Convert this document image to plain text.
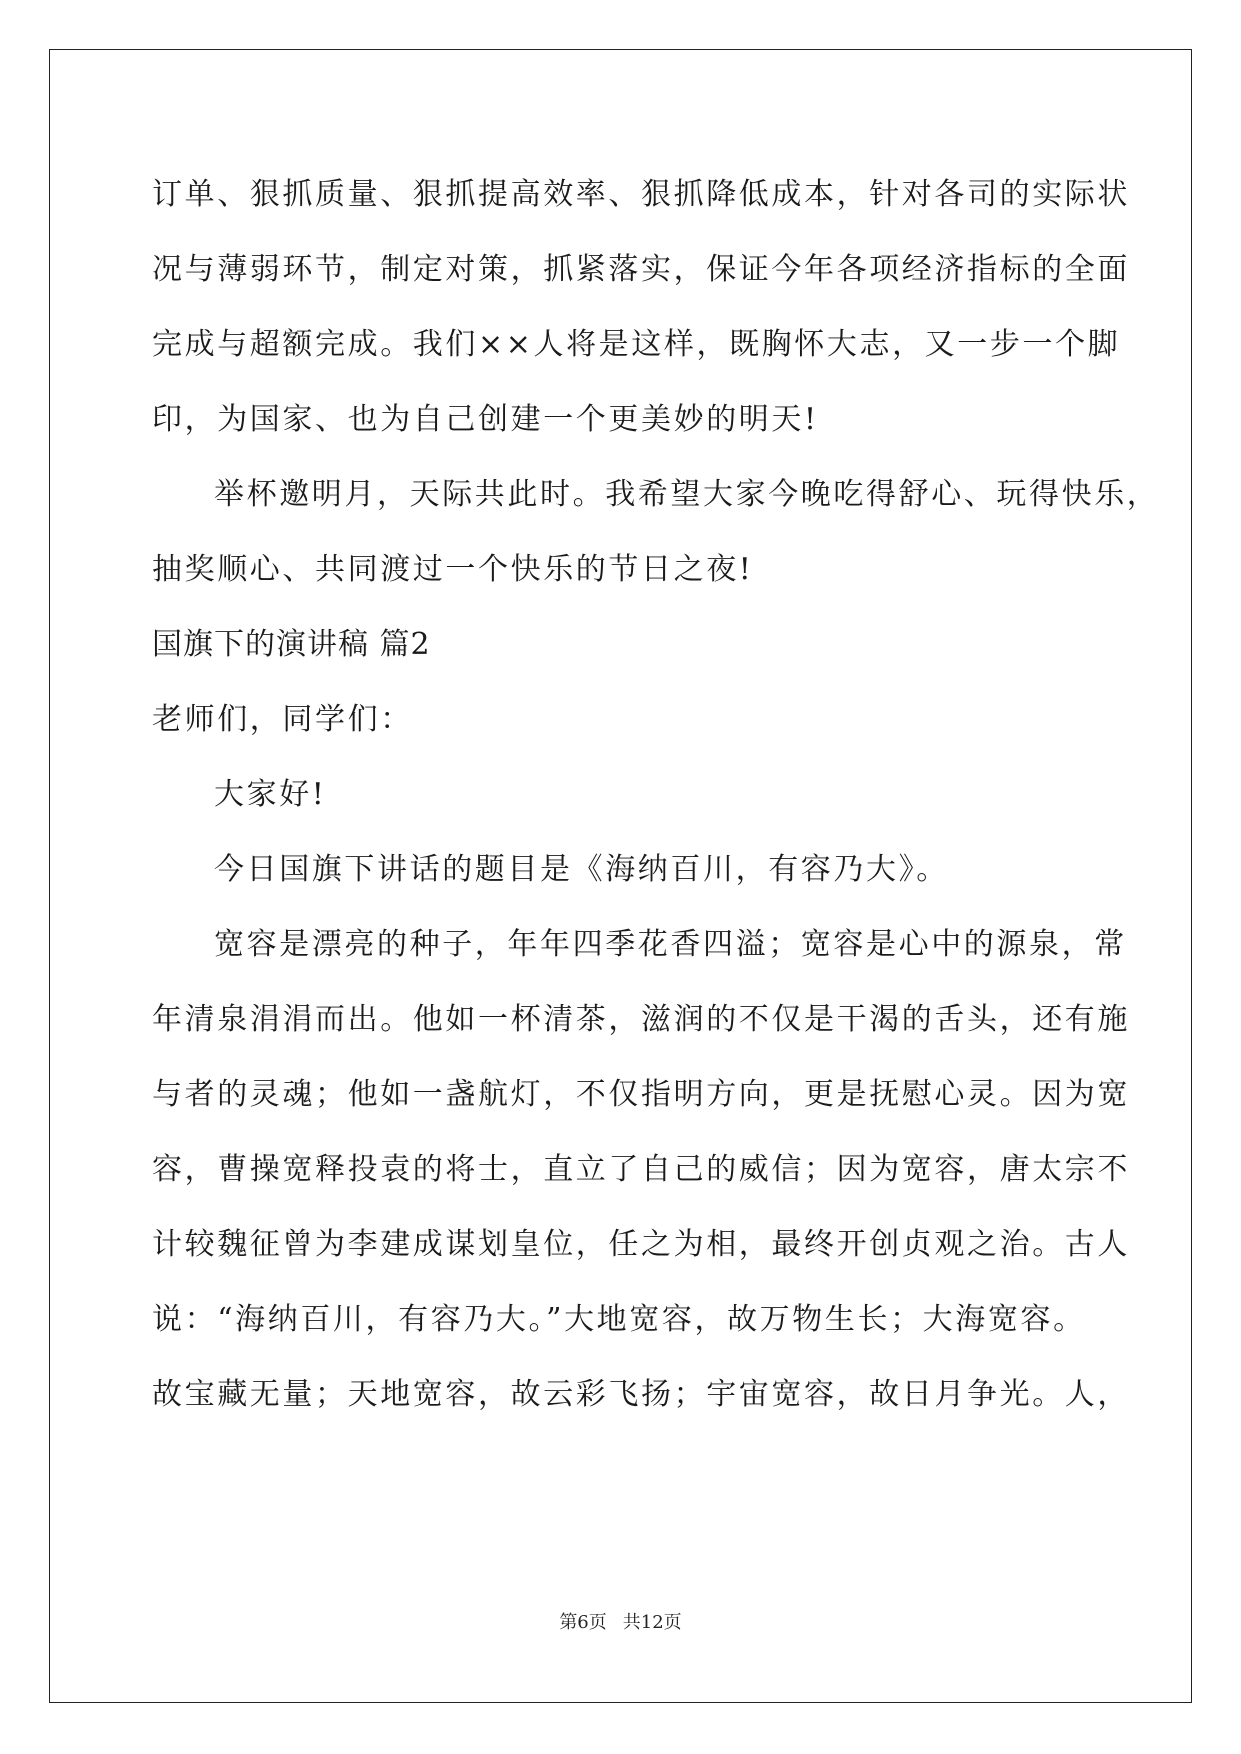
订单、狠抓质量、狠抓提高效率、狠抓降低成本，针对各司的实际状
况与薄弱环节，制定对策，抓紧落实，保证今年各项经济指标的全面
完成与超额完成。我们××人将是这样，既胸怀大志，又一步一个脚
印，为国家、也为自己创建一个更美妙的明天!
举杯邀明月，天际共此时。我希望大家今晚吃得舒心、玩得快乐，
抽奖顺心、共同渡过一个快乐的节日之夜!
国旗下的演讲稿 篇2
老师们，同学们：
大家好!
今日国旗下讲话的题目是《海纳百川，有容乃大》。
宽容是漂亮的种子，年年四季花香四溢；宽容是心中的源泉，常
年清泉涓涓而出。他如一杯清茶，滋润的不仅是干渴的舌头，还有施
与者的灵魂；他如一盏航灯，不仅指明方向，更是抚慰心灵。因为宽
容，曹操宽释投袁的将士，直立了自己的威信；因为宽容，唐太宗不
计较魏征曾为李建成谋划皇位，任之为相，最终开创贞观之治。古人
说：“海纳百川，有容乃大。”大地宽容，故万物生长；大海宽容。
故宝藏无量；天地宽容，故云彩飞扬；宇宙宽容，故日月争光。人，
第6页 共12页
